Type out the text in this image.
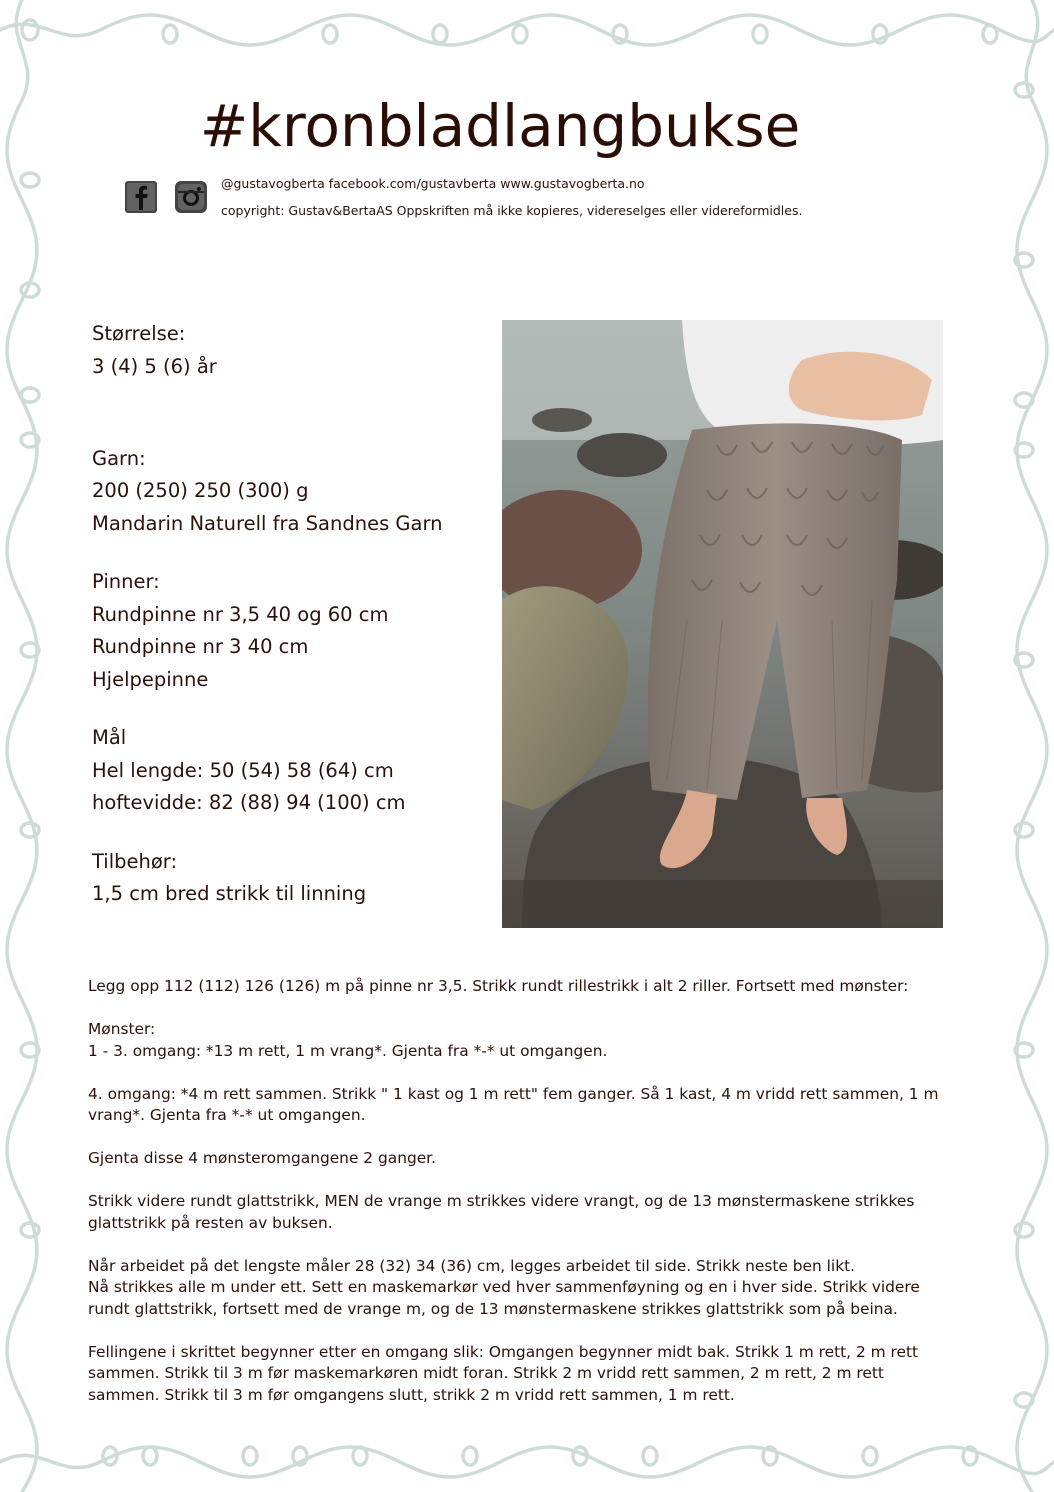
#kronbladlangbukse
@gustavogberta facebook.com/gustavberta www.gustavogberta.no
copyright: Gustav&BertaAS Oppskriften må ikke kopieres, videreselges eller videreformidles.

Størrelse:

3 (4) 5 (6) år

Garn:

200 (250) 250 (300) g

Mandarin Naturell fra Sandnes Garn

Pinner:

Rundpinne nr 3,5 40 og 60 cm

Rundpinne nr 3 40 cm

Hjelpepinne

Mål

Hel lengde: 50 (54) 58 (64) cm

hoftevidde: 82 (88) 94 (100) cm

Tilbehør:

1,5 cm bred strikk til linning

Legg opp 112 (112) 126 (126) m på pinne nr 3,5. Strikk rundt rillestrikk i alt 2 riller. Fortsett med mønster:

Mønster:

1 - 3. omgang: *13 m rett, 1 m vrang*. Gjenta fra *-* ut omgangen.

4. omgang: *4 m rett sammen. Strikk " 1 kast og 1 m rett" fem ganger. Så 1 kast, 4 m vridd rett sammen, 1 m vrang*. Gjenta fra *-* ut omgangen.

Gjenta disse 4 mønsteromgangene 2 ganger.

Strikk videre rundt glattstrikk, MEN de vrange m strikkes videre vrangt, og de 13 mønstermaskene strikkes glattstrikk på resten av buksen.

Når arbeidet på det lengste måler 28 (32) 34 (36) cm, legges arbeidet til side. Strikk neste ben likt.

Nå strikkes alle m under ett. Sett en maskemarkør ved hver sammenføyning og en i hver side. Strikk videre rundt glattstrikk, fortsett med de vrange m, og de 13 mønstermaskene strikkes glattstrikk som på beina.

Fellingene i skrittet begynner etter en omgang slik: Omgangen begynner midt bak. Strikk 1 m rett, 2 m rett sammen. Strikk til 3 m før maskemarkøren midt foran. Strikk 2 m vridd rett sammen, 2 m rett, 2 m rett sammen. Strikk til 3 m før omgangens slutt, strikk 2 m vridd rett sammen, 1 m rett.
